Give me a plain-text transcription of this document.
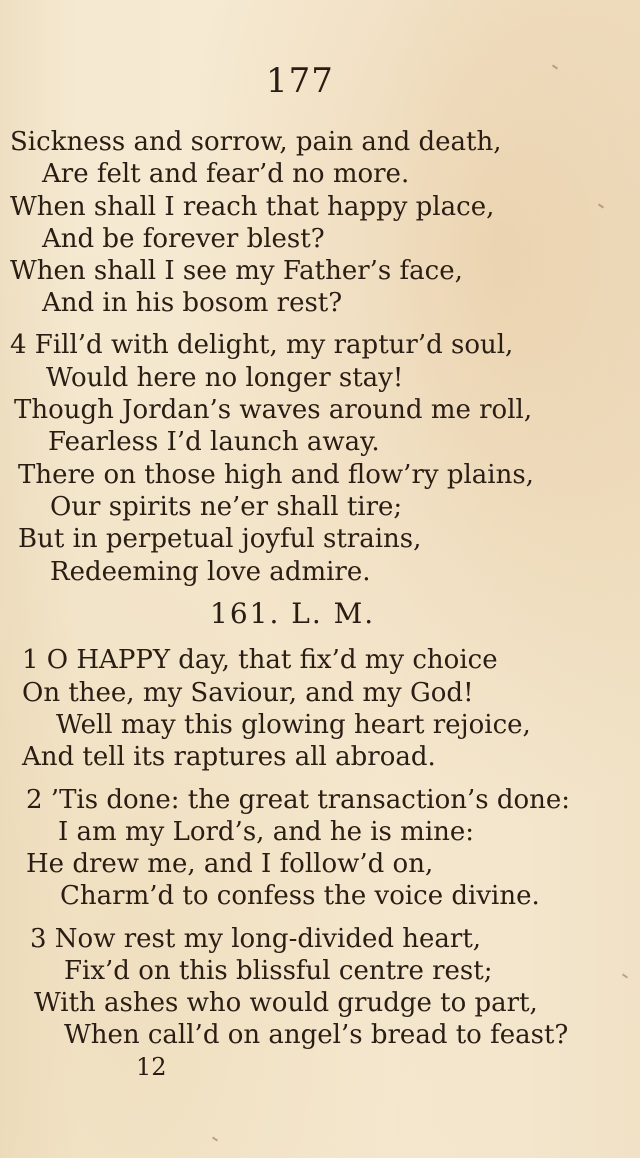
177
Sickness and sorrow, pain and death,
Are felt and fear’d no more.
When shall I reach that happy place,
And be forever blest?
When shall I see my Father’s face,
And in his bosom rest?
4 Fill’d with delight, my raptur’d soul,
Would here no longer stay!
Though Jordan’s waves around me roll,
Fearless I’d launch away.
There on those high and flow’ry plains,
Our spirits ne’er shall tire;
But in perpetual joyful strains,
Redeeming love admire.
161. L. M.
1 O HAPPY day, that fix’d my choice
On thee, my Saviour, and my God!
Well may this glowing heart rejoice,
And tell its raptures all abroad.
2 ’Tis done: the great transaction’s done:
I am my Lord’s, and he is mine:
He drew me, and I follow’d on,
Charm’d to confess the voice divine.
3 Now rest my long-divided heart,
Fix’d on this blissful centre rest;
With ashes who would grudge to part,
When call’d on angel’s bread to feast?
12
